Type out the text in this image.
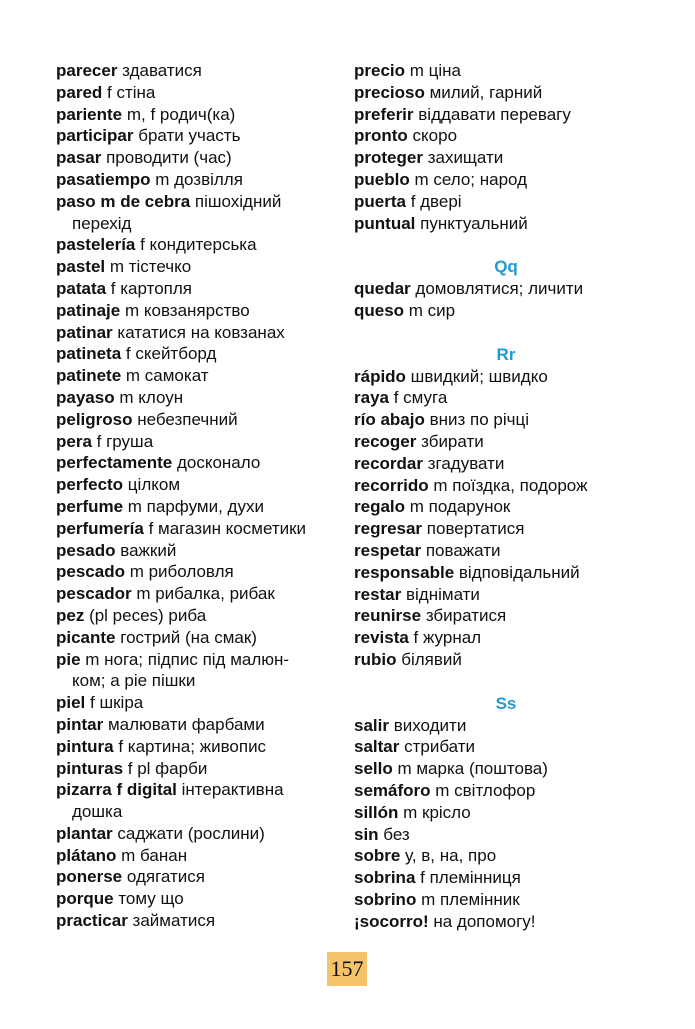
parecer здаватися
pared f стіна
pariente m, f родич(ка)
participar брати участь
pasar проводити (час)
pasatiempo m дозвілля
paso m de cebra пішохідний
перехід
pastelería f кондитерська
pastel m тістечко
patata f картопля
patinaje m ковзанярство
patinar кататися на ковзанах
patineta f скейтборд
patinete m самокат
payaso m клоун
peligroso небезпечний
pera f груша
perfectamente досконало
perfecto цілком
perfume m парфуми, духи
perfumería f магазин косметики
pesado важкий
pescado m риболовля
pescador m рибалка, рибак
pez (pl peces) риба
picante гострий (на смак)
pie m нога; підпис під малюн-
ком; a pie пішки
piel f шкіра
pintar малювати фарбами
pintura f картина; живопис
pinturas f pl фарби
pizarra f digital інтерактивна
дошка
plantar саджати (рослини)
plátano m банан
ponerse одягатися
porque тому що
practicar займатися
precio m ціна
precioso милий, гарний
preferir віддавати перевагу
pronto скоро
proteger захищати
pueblo m село; народ
puerta f двері
puntual пунктуальний
Qq
quedar домовлятися; личити
queso m сир
Rr
rápido швидкий; швидко
raya f смуга
río abajo вниз по річці
recoger збирати
recordar згадувати
recorrido m поїздка, подорож
regalo m подарунок
regresar повертатися
respetar поважати
responsable відповідальний
restar віднімати
reunirse збиратися
revista f журнал
rubio білявий
Ss
salir виходити
saltar стрибати
sello m марка (поштова)
semáforo m світлофор
sillón m крісло
sin без
sobre у, в, на, про
sobrina f племінниця
sobrino m племінник
¡socorro! на допомогу!
157
